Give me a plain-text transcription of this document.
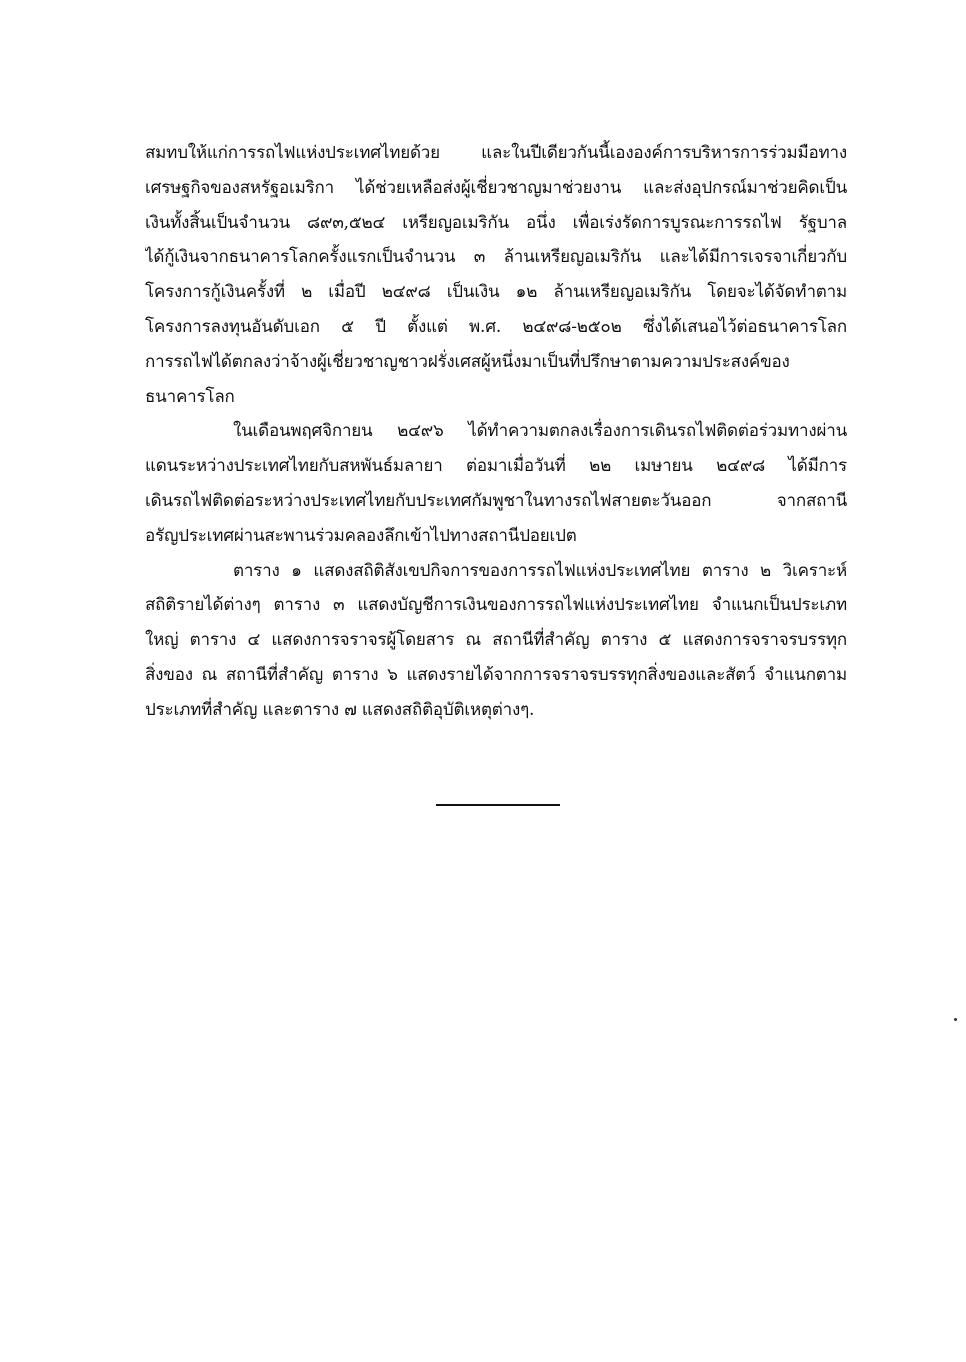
สมทบให้แก่การรถไฟแห่งประเทศไทยด้วย และในปีเดียวกันนี้เององค์การบริหารการร่วมมือทาง
เศรษฐกิจของสหรัฐอเมริกา ได้ช่วยเหลือส่งผู้เชี่ยวชาญมาช่วยงาน และส่งอุปกรณ์มาช่วยคิดเป็น
เงินทั้งสิ้นเป็นจำนวน ๘๙๓,๕๒๔ เหรียญอเมริกัน อนึ่ง เพื่อเร่งรัดการบูรณะการรถไฟ รัฐบาล
ได้กู้เงินจากธนาคารโลกครั้งแรกเป็นจำนวน ๓ ล้านเหรียญอเมริกัน และได้มีการเจรจาเกี่ยวกับ
โครงการกู้เงินครั้งที่ ๒ เมื่อปี ๒๔๙๘ เป็นเงิน ๑๒ ล้านเหรียญอเมริกัน โดยจะได้จัดทำตาม
โครงการลงทุนอันดับเอก ๕ ปี ตั้งแต่ พ.ศ. ๒๔๙๘-๒๕๐๒ ซึ่งได้เสนอไว้ต่อธนาคารโลก
การรถไฟได้ตกลงว่าจ้างผู้เชี่ยวชาญชาวฝรั่งเศสผู้หนึ่งมาเป็นที่ปรึกษาตามความประสงค์ของ
ธนาคารโลก
ในเดือนพฤศจิกายน ๒๔๙๖ ได้ทำความตกลงเรื่องการเดินรถไฟติดต่อร่วมทางผ่าน
แดนระหว่างประเทศไทยกับสหพันธ์มลายา ต่อมาเมื่อวันที่ ๒๒ เมษายน ๒๔๙๘ ได้มีการ
เดินรถไฟติดต่อระหว่างประเทศไทยกับประเทศกัมพูชาในทางรถไฟสายตะวันออก จากสถานี
อรัญประเทศผ่านสะพานร่วมคลองลึกเข้าไปทางสถานีปอยเปต
ตาราง ๑ แสดงสถิติสังเขปกิจการของการรถไฟแห่งประเทศไทย ตาราง ๒ วิเคราะห์
สถิติรายได้ต่างๆ ตาราง ๓ แสดงบัญชีการเงินของการรถไฟแห่งประเทศไทย จำแนกเป็นประเภท
ใหญ่ ตาราง ๔ แสดงการจราจรผู้โดยสาร ณ สถานีที่สำคัญ ตาราง ๕ แสดงการจราจรบรรทุก
สิ่งของ ณ สถานีที่สำคัญ ตาราง ๖ แสดงรายได้จากการจราจรบรรทุกสิ่งของและสัตว์ จำแนกตาม
ประเภทที่สำคัญ และตาราง ๗ แสดงสถิติอุบัติเหตุต่างๆ.
